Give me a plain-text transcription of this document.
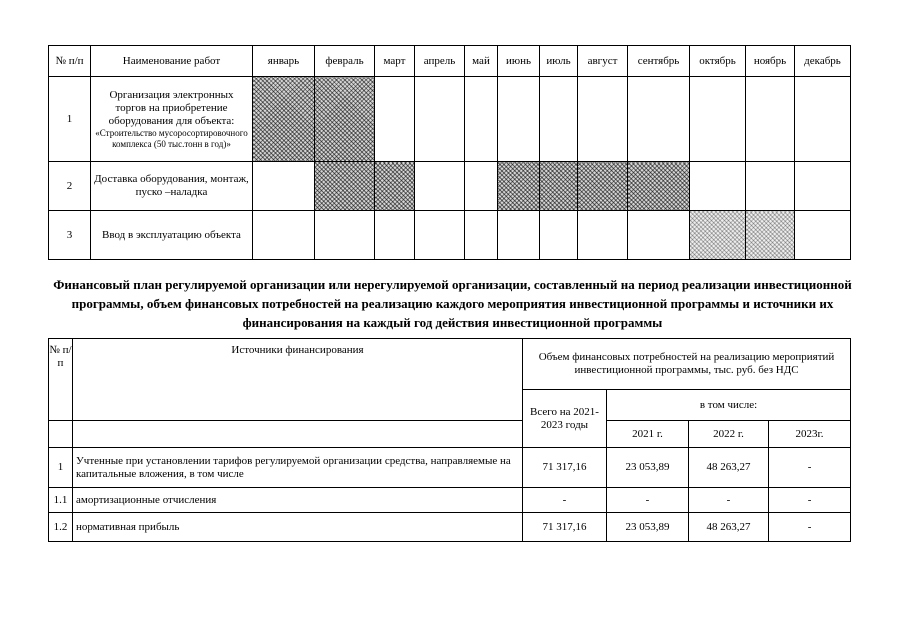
№ п/п	Наименование работ	январь	февраль	март	апрель	май	июнь	июль	август	сентябрь	октябрь	ноябрь	декабрь
1	Организация электронных торгов на приобретение оборудования для объекта:
«Строительство мусоросортировочного комплекса (50 тыс.тонн в год)»												

2	Доставка оборудования, монтаж, пуско –наладка												

3	Ввод в эксплуатацию объекта												

Финансовый план регулируемой организации или нерегулируемой организации, составленный на период реализации инвестиционной программы, объем финансовых потребностей на реализацию каждого мероприятия инвестиционной программы и источники их финансирования на каждый год действия инвестиционной программы
№ п/п	Источники финансирования	Объем финансовых потребностей на реализацию мероприятий инвестиционной программы, тыс. руб. без НДС			
		Всего на 2021-2023 годы	в том числе:		
			2021 г.	2022 г.	2023г.
1	Учтенные при установлении тарифов регулируемой организации средства, направляемые на капитальные вложения, в том числе	71 317,16	23 053,89	48 263,27	-
1.1	амортизационные отчисления	-	-	-	-
1.2	нормативная прибыль	71 317,16	23 053,89	48 263,27	-
